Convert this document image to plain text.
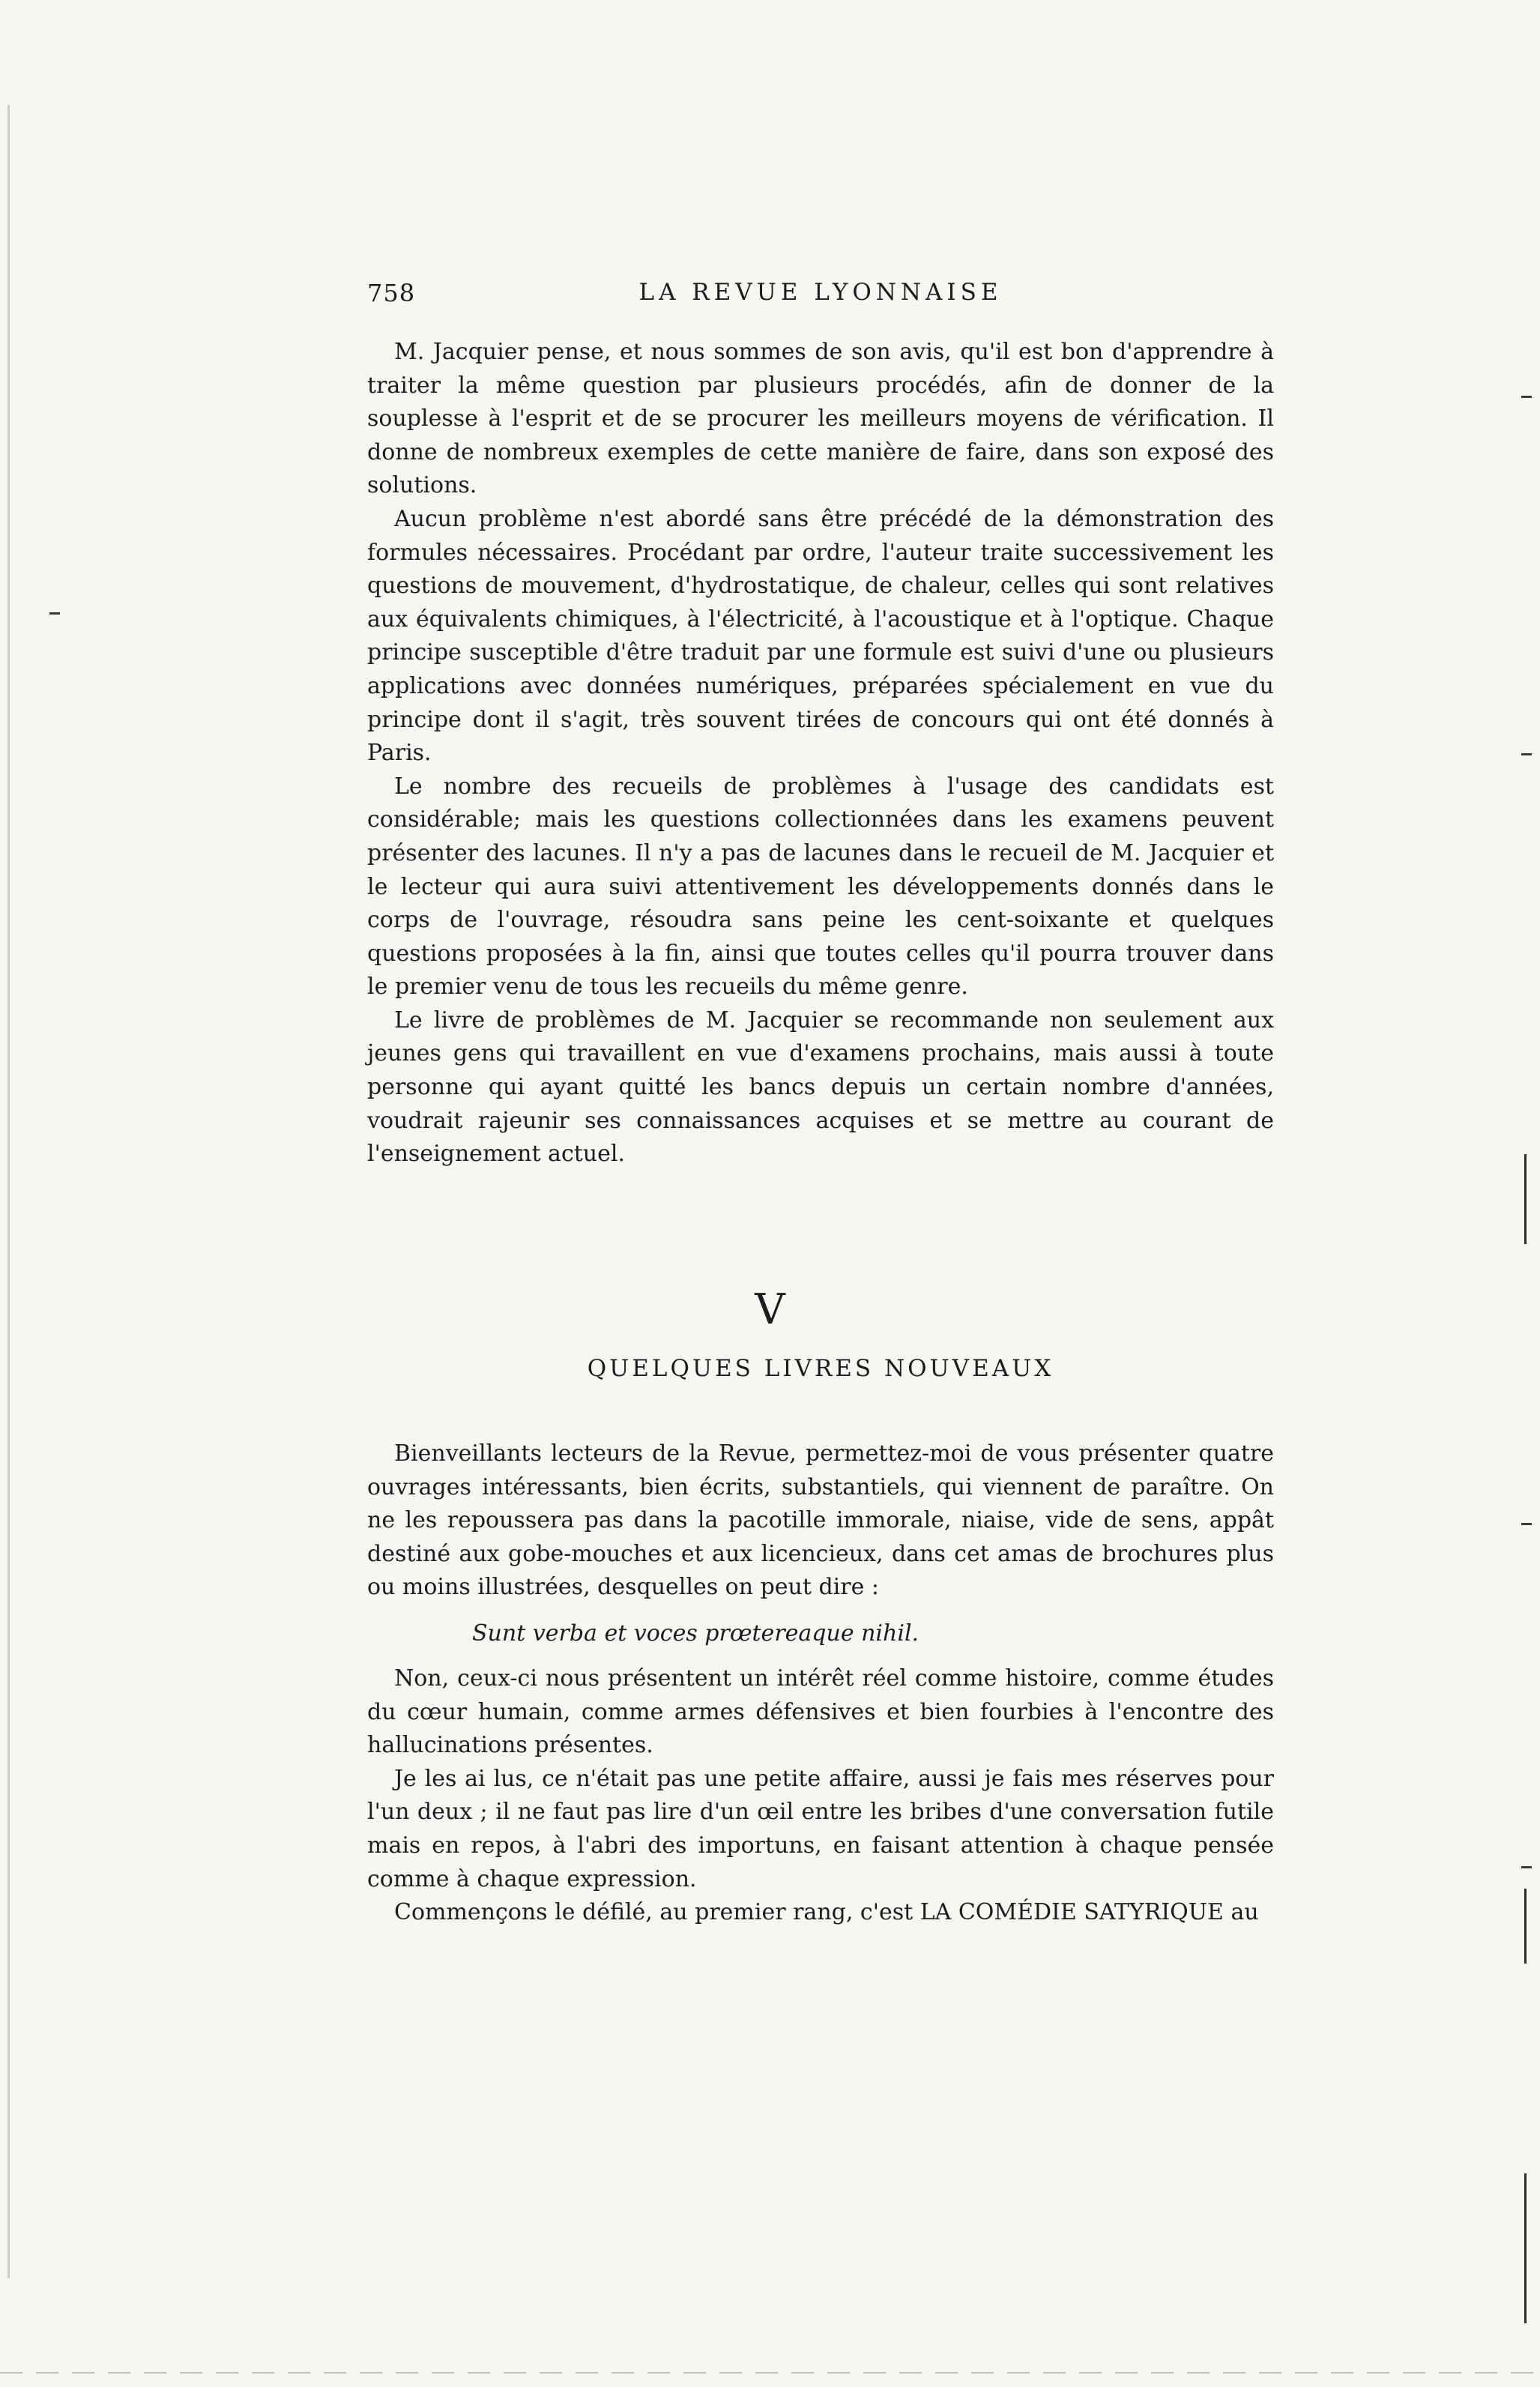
758	LA REVUE LYONNAISE

M. Jacquier pense, et nous sommes de son avis, qu'il est bon d'apprendre à traiter la même question par plusieurs procédés, afin de donner de la souplesse à l'esprit et de se procurer les meilleurs moyens de vérification. Il donne de nombreux exemples de cette manière de faire, dans son exposé des solutions.

Aucun problème n'est abordé sans être précédé de la démonstration des formules nécessaires. Procédant par ordre, l'auteur traite successivement les questions de mouvement, d'hydrostatique, de chaleur, celles qui sont relatives aux équivalents chimiques, à l'électricité, à l'acoustique et à l'optique. Chaque principe susceptible d'être traduit par une formule est suivi d'une ou plusieurs applications avec données numériques, préparées spécialement en vue du principe dont il s'agit, très souvent tirées de concours qui ont été donnés à Paris.

Le nombre des recueils de problèmes à l'usage des candidats est considérable; mais les questions collectionnées dans les examens peuvent présenter des lacunes. Il n'y a pas de lacunes dans le recueil de M. Jacquier et le lecteur qui aura suivi attentivement les développements donnés dans le corps de l'ouvrage, résoudra sans peine les cent-soixante et quelques questions proposées à la fin, ainsi que toutes celles qu'il pourra trouver dans le premier venu de tous les recueils du même genre.

Le livre de problèmes de M. Jacquier se recommande non seulement aux jeunes gens qui travaillent en vue d'examens prochains, mais aussi à toute personne qui ayant quitté les bancs depuis un certain nombre d'années, voudrait rajeunir ses connaissances acquises et se mettre au courant de l'enseignement actuel.

V
QUELQUES LIVRES NOUVEAUX

Bienveillants lecteurs de la Revue, permettez-moi de vous présenter quatre ouvrages intéressants, bien écrits, substantiels, qui viennent de paraître. On ne les repoussera pas dans la pacotille immorale, niaise, vide de sens, appât destiné aux gobe-mouches et aux licencieux, dans cet amas de brochures plus ou moins illustrées, desquelles on peut dire :

Sunt verba et voces prœtereaque nihil.

Non, ceux-ci nous présentent un intérêt réel comme histoire, comme études du cœur humain, comme armes défensives et bien fourbies à l'encontre des hallucinations présentes.

Je les ai lus, ce n'était pas une petite affaire, aussi je fais mes réserves pour l'un deux ; il ne faut pas lire d'un œil entre les bribes d'une conversation futile mais en repos, à l'abri des importuns, en faisant attention à chaque pensée comme à chaque expression.

Commençons le défilé, au premier rang, c'est LA COMÉDIE SATYRIQUE au
